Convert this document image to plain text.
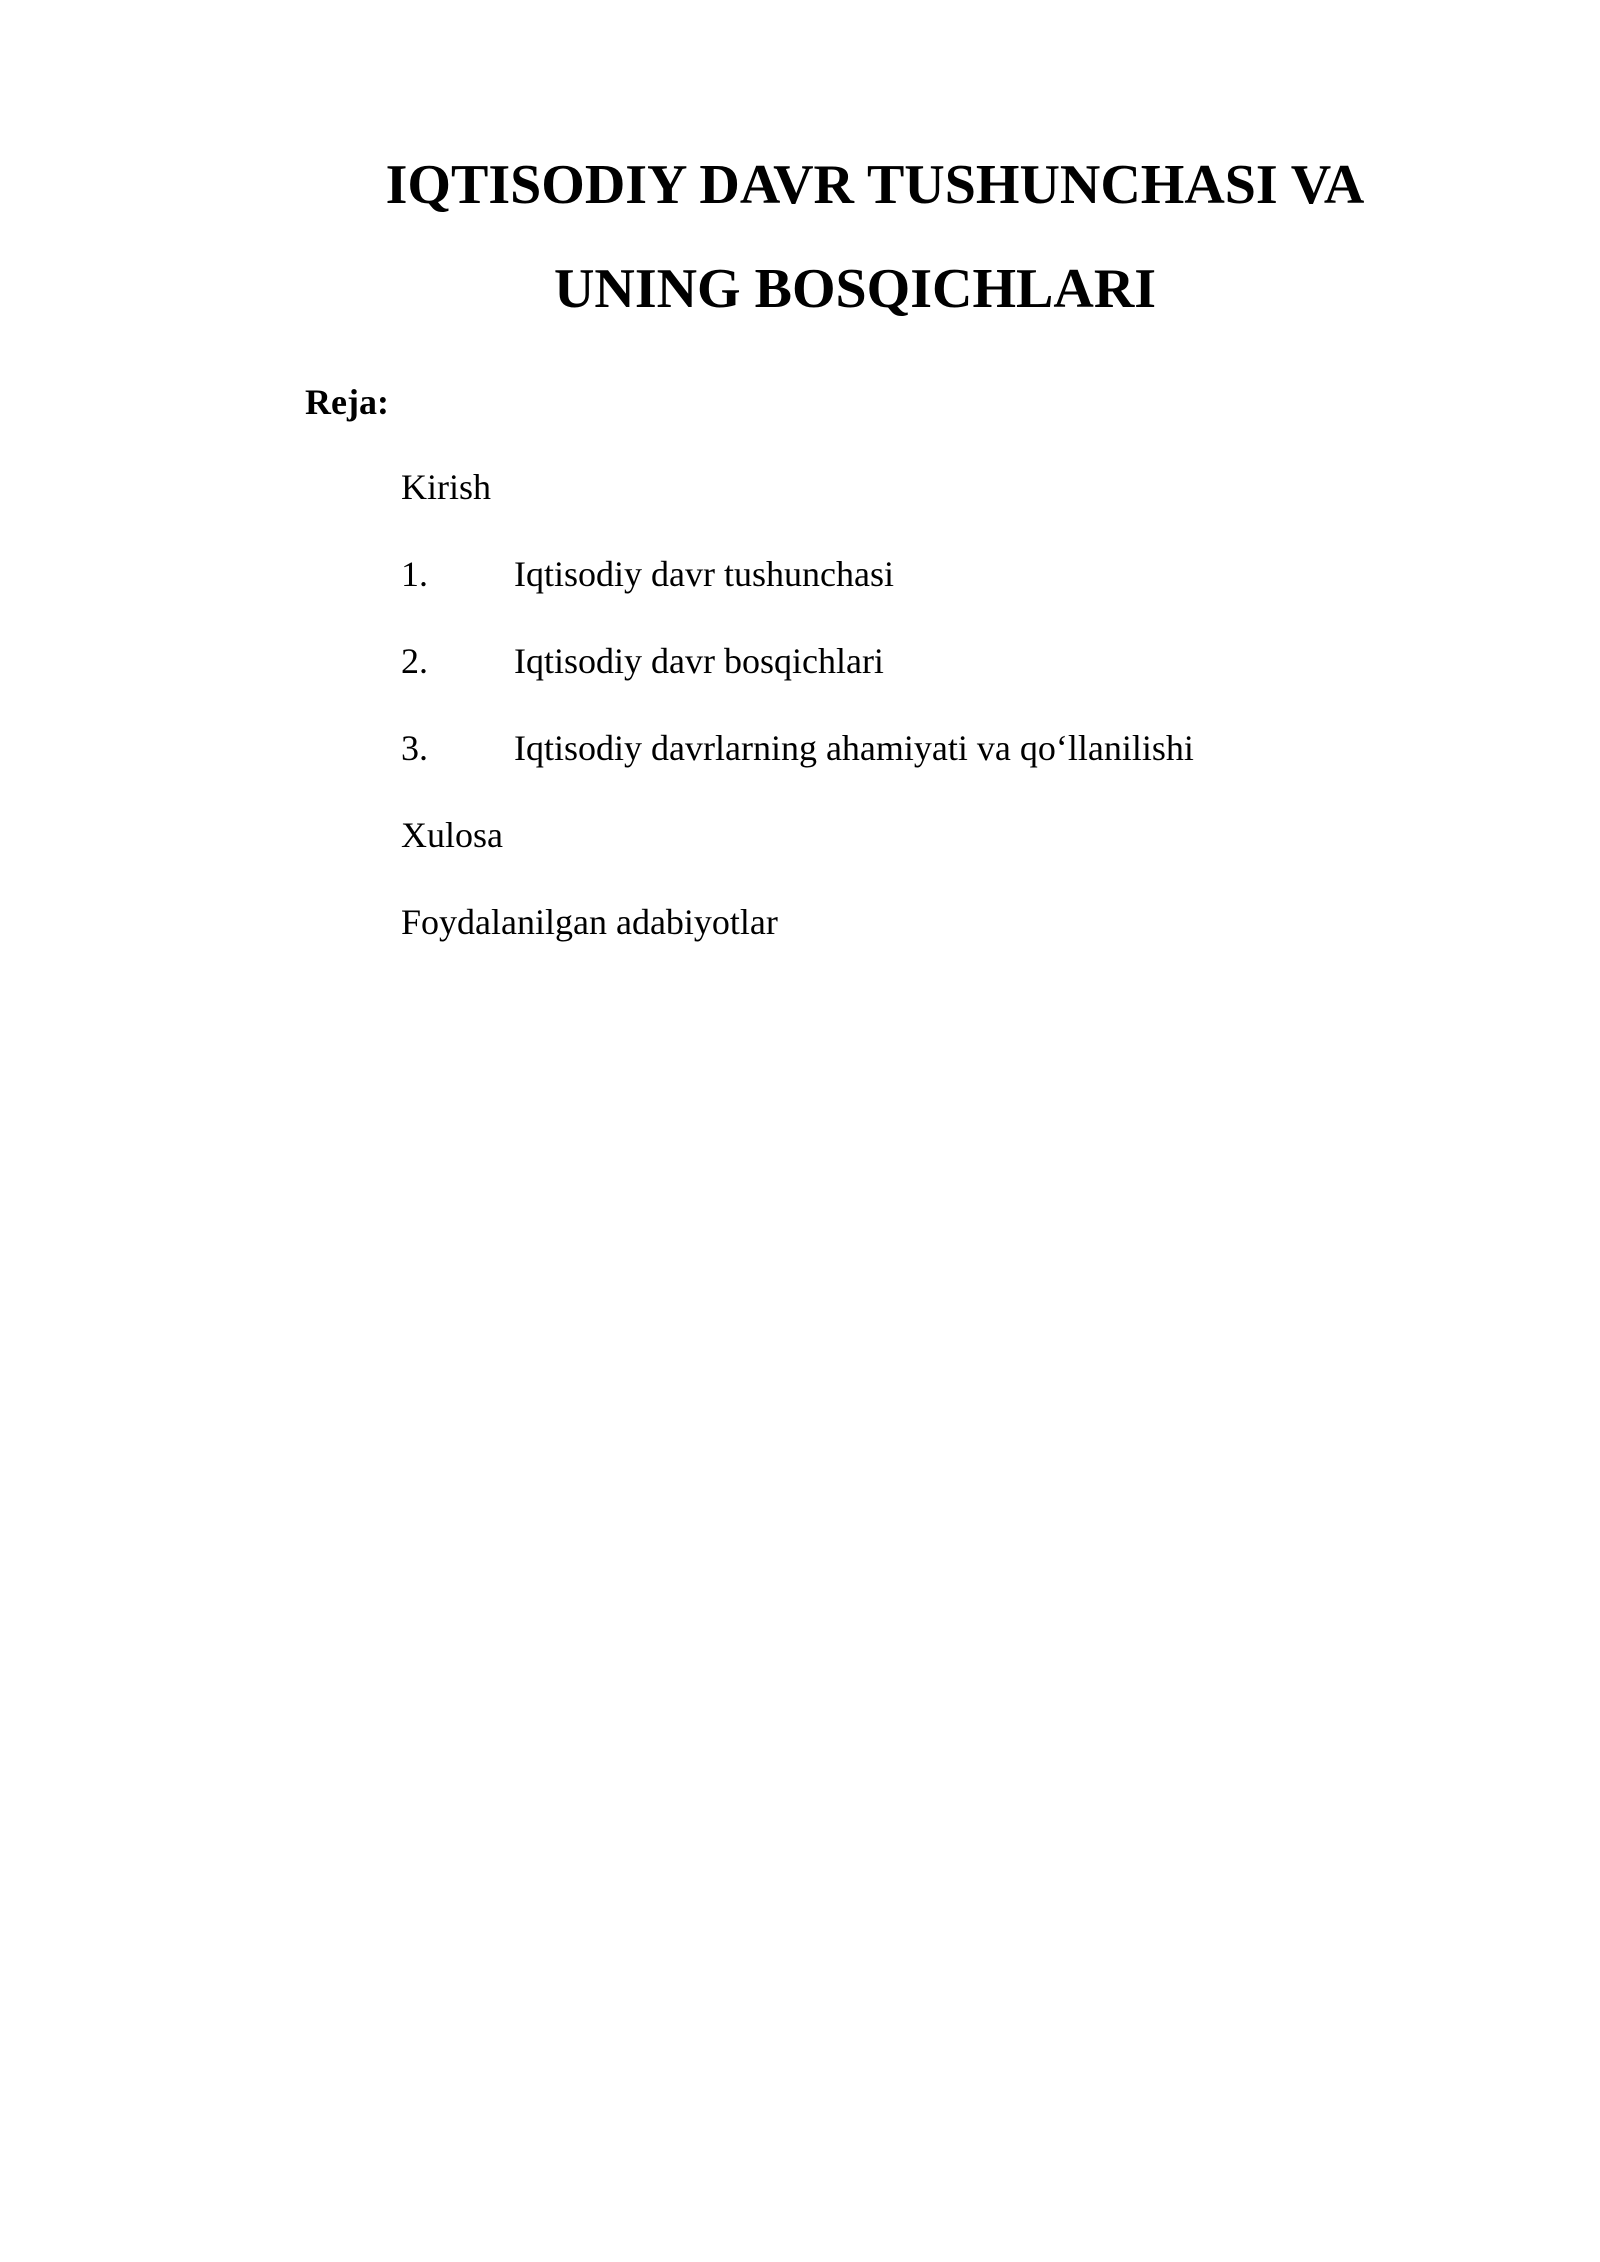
IQTISODIY DAVR TUSHUNCHASI VA
UNING BOSQICHLARI
Reja:
Kirish
1. Iqtisodiy davr tushunchasi
2. Iqtisodiy davr bosqichlari
3. Iqtisodiy davrlarning ahamiyati va qo‘llanilishi
Xulosa
Foydalanilgan adabiyotlar
